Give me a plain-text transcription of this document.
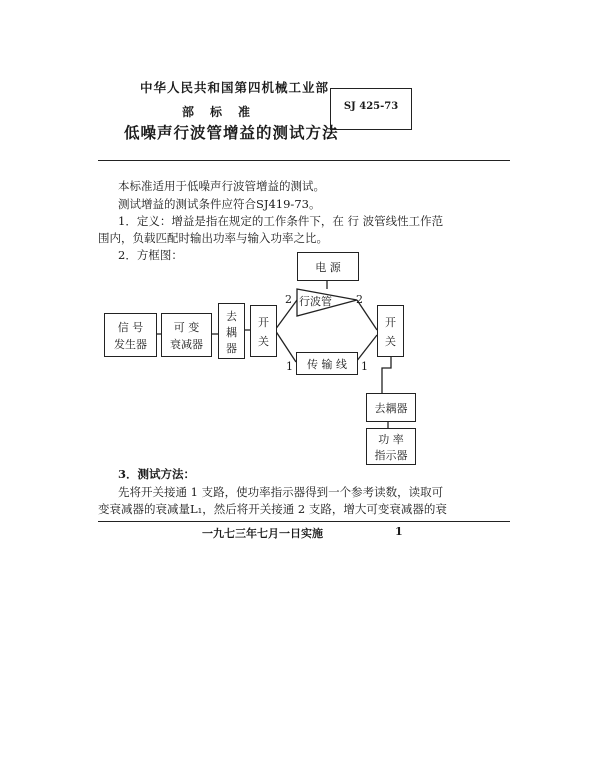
中华人民共和国第四机械工业部
部标准
低噪声行波管增益的测试方法
SJ 425-73
本标准适用于低噪声行波管增益的测试。
测试增益的测试条件应符合SJ419-73。
1．定义：增益是指在规定的工作条件下，在 行 波管线性工作范
围内，负载匹配时输出功率与输入功率之比。
2．方框图：
电 源
行波管
2	2
信 号
发生器
可 变
衰减器
去
耦
器
开
关
开
关
传 输 线
1	1
去耦器
功 率
指示器
3．测试方法：
先将开关接通 1 支路，使功率指示器得到一个参考读数，读取可
变衰减器的衰减量L₁，然后将开关接通 2 支路，增大可变衰减器的衰
一九七三年七月一日实施	1
